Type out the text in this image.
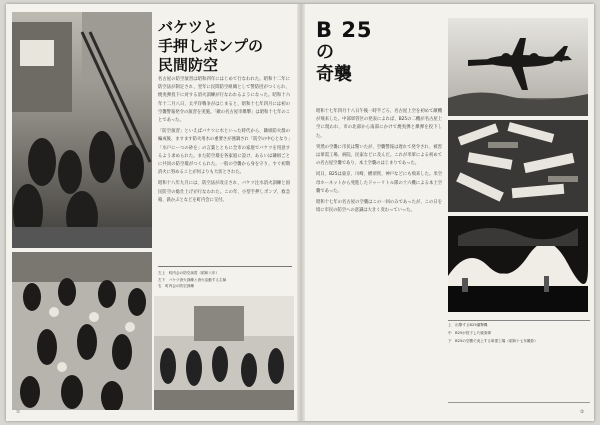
バケツと
手押しポンプの
民間防空

名古屋の防空演習は昭和四年にはじめて行なわれた。昭和十二年に防空法が制定され、翌年に民間防空組織として警防団がつくられ、焼夷弾投下に対する消火訓練が行なわれるようになった。昭和十六年十二月八日、太平洋戦争がはじまると、昭和十七年四月には初の空襲警報発令の演習を実施。「敵の名古屋市爆撃」は昭和十七年のことであった。

「防空演習」といえばバケツに水といった時代から、隣組防火群の編成後、ますます防火用水の重要さが強調され「防空の中心となり」「水戸にーつの砂を」の言葉とともに全市の家庭でバケツを用意するよう求められた。また防空壕を各家庭に設け、あるいは隣組ごとに共同の防空壕がつくられた。一般の空襲から身を守り、すぐ初期消火に努めることが何よりも大切とされた。

昭和十八年九月には、防空法が改正され、バケツ注水消火訓練と国民防空の総仕上げが行なわれた。この年、小型手押しポンプ、救急箱、鉄かぶとなどを町内会に交付。

左上　町内会の防空演習（昭和八年）
左下　バケツ消火訓練と消火活動する主婦
右　町内会の防空訓練
①
B 25
の
奇襲

昭和十七年四月十八日午後一時半ごろ、名古屋上空を初めて敵機が飛来した。中部軍管区の発表によれば、B25の二機が名古屋上空に現われ、市の北部から南部にかけて焼夷弾と爆弾を投下した。

突然の空襲に市民は驚いたが、空襲警報は遅れて発令され、被害は軍需工場、病院、民家などに及んだ。これが米軍による初めての名古屋空襲であり、本土空襲のはじまりであった。

同日、B25は東京、川崎、横須賀、神戸などにも飛来した。米空母ホーネットから発進したドゥーリトル隊の十六機による本土空襲であった。

昭和十七年の名古屋の空襲はこの一回のみであったが、この日を境に市民の防空への意識は大きく変わっていった。

上　出撃するB25爆撃機
中　B25が投下した焼夷弾
下　B25の空襲で炎上する軍需工場（昭和十七年撮影）
②
